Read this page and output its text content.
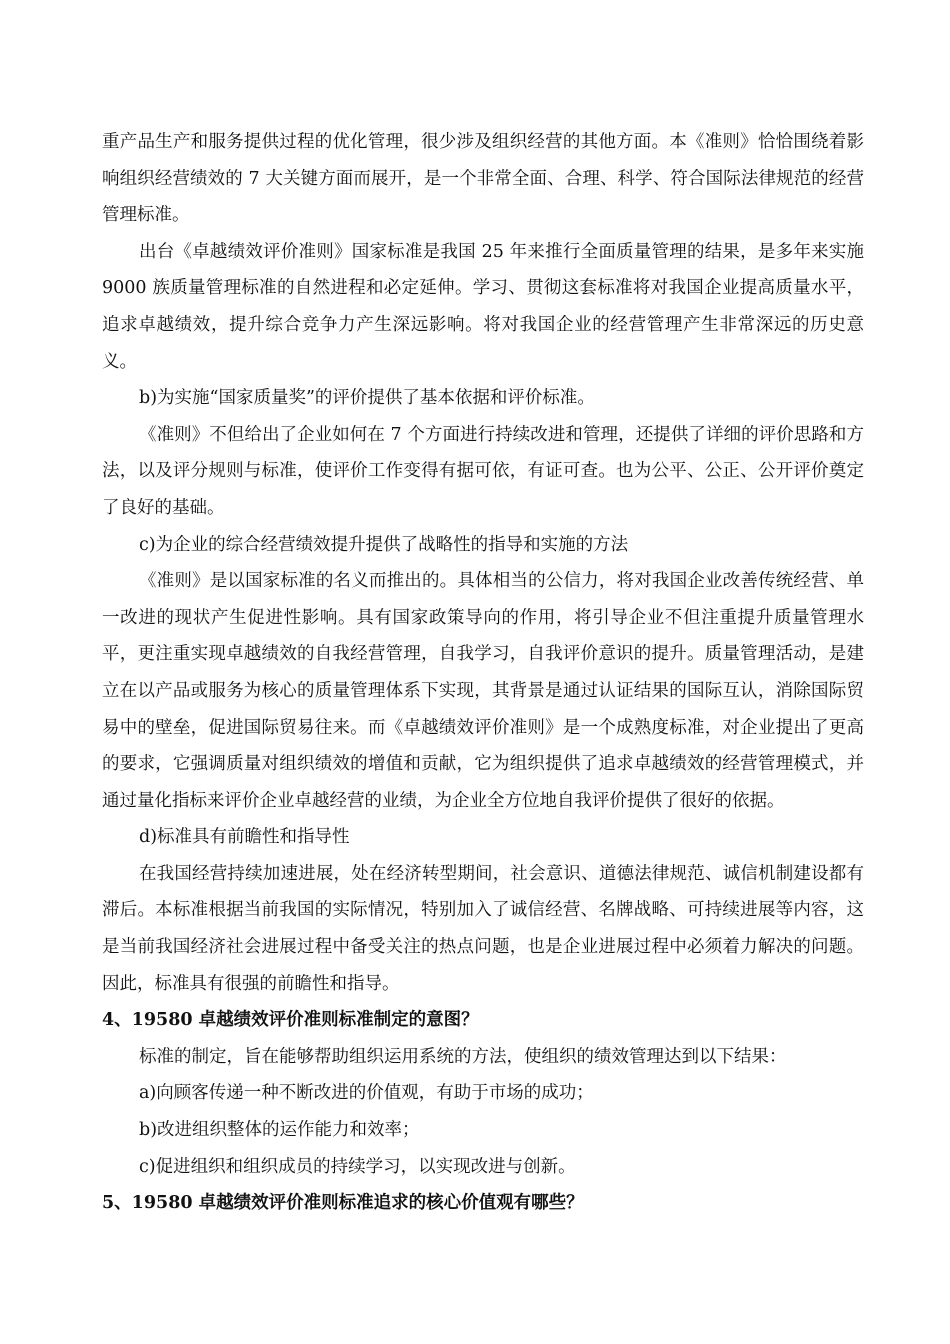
重产品生产和服务提供过程的优化管理，很少涉及组织经营的其他方面。本《准则》恰恰围绕着影响组织经营绩效的 7 大关键方面而展开，是一个非常全面、合理、科学、符合国际法律规范的经营管理标准。

出台《卓越绩效评价准则》国家标准是我国 25 年来推行全面质量管理的结果，是多年来实施 9000 族质量管理标准的自然进程和必定延伸。学习、贯彻这套标准将对我国企业提高质量水平，追求卓越绩效，提升综合竞争力产生深远影响。将对我国企业的经营管理产生非常深远的历史意义。

b)为实施“国家质量奖”的评价提供了基本依据和评价标准。

《准则》不但给出了企业如何在 7 个方面进行持续改进和管理，还提供了详细的评价思路和方法，以及评分规则与标准，使评价工作变得有据可依，有证可查。也为公平、公正、公开评价奠定了良好的基础。

c)为企业的综合经营绩效提升提供了战略性的指导和实施的方法

《准则》是以国家标准的名义而推出的。具体相当的公信力，将对我国企业改善传统经营、单一改进的现状产生促进性影响。具有国家政策导向的作用，将引导企业不但注重提升质量管理水平，更注重实现卓越绩效的自我经营管理，自我学习，自我评价意识的提升。质量管理活动，是建立在以产品或服务为核心的质量管理体系下实现，其背景是通过认证结果的国际互认，消除国际贸易中的壁垒，促进国际贸易往来。而《卓越绩效评价准则》是一个成熟度标准，对企业提出了更高的要求，它强调质量对组织绩效的增值和贡献，它为组织提供了追求卓越绩效的经营管理模式，并通过量化指标来评价企业卓越经营的业绩，为企业全方位地自我评价提供了很好的依据。

d)标准具有前瞻性和指导性

在我国经营持续加速进展，处在经济转型期间，社会意识、道德法律规范、诚信机制建设都有滞后。本标准根据当前我国的实际情况，特别加入了诚信经营、名牌战略、可持续进展等内容，这是当前我国经济社会进展过程中备受关注的热点问题，也是企业进展过程中必须着力解决的问题。因此，标准具有很强的前瞻性和指导。

4、19580 卓越绩效评价准则标准制定的意图？

标准的制定，旨在能够帮助组织运用系统的方法，使组织的绩效管理达到以下结果：

a)向顾客传递一种不断改进的价值观，有助于市场的成功；

b)改进组织整体的运作能力和效率；

c)促进组织和组织成员的持续学习，以实现改进与创新。

5、19580 卓越绩效评价准则标准追求的核心价值观有哪些？
